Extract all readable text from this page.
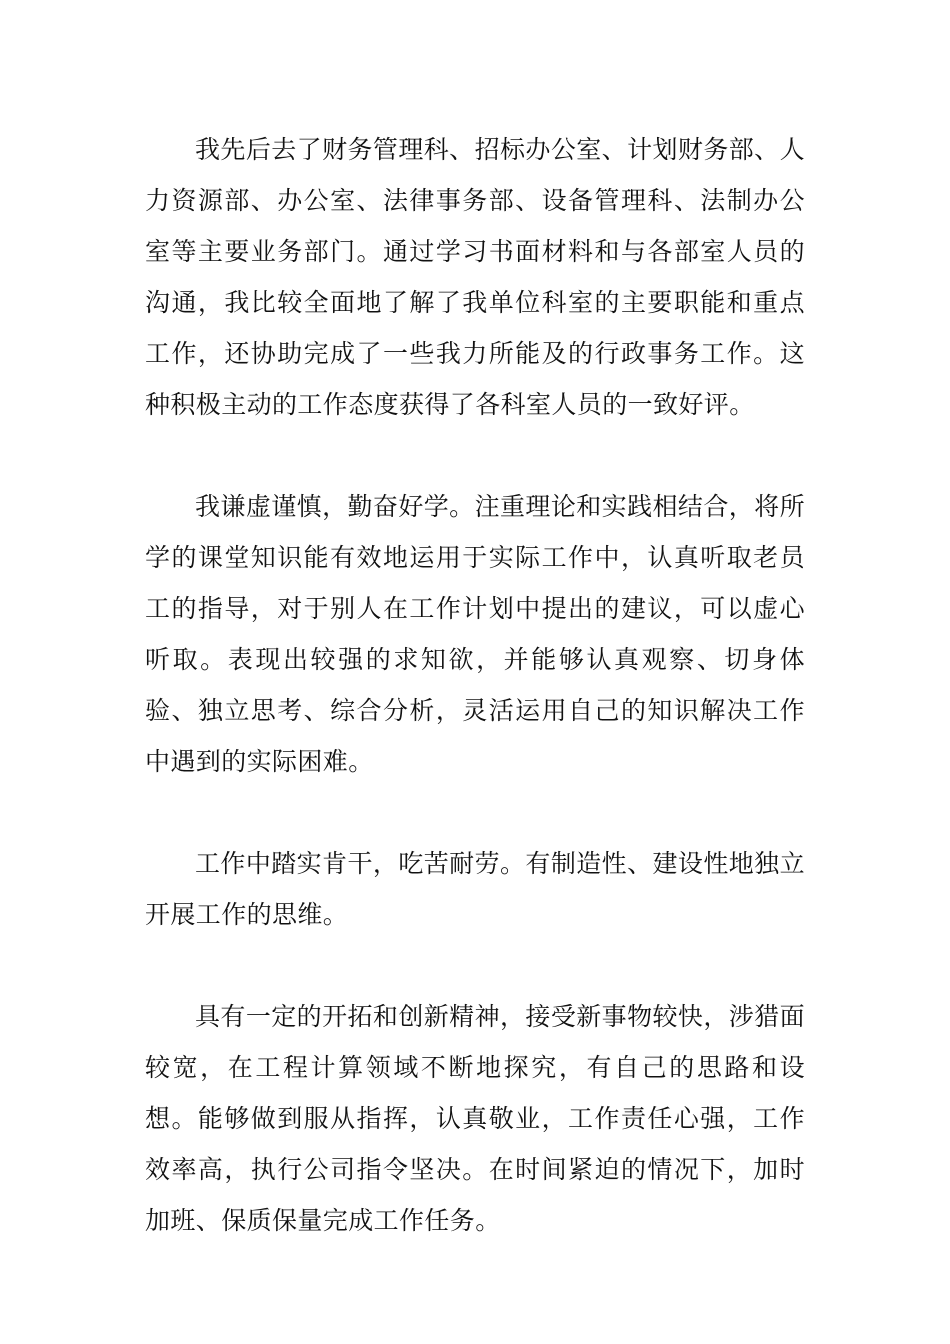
我先后去了财务管理科、招标办公室、计划财务部、人力资源部、办公室、法律事务部、设备管理科、法制办公室等主要业务部门。通过学习书面材料和与各部室人员的沟通，我比较全面地了解了我单位科室的主要职能和重点工作，还协助完成了一些我力所能及的行政事务工作。这种积极主动的工作态度获得了各科室人员的一致好评。

我谦虚谨慎，勤奋好学。注重理论和实践相结合，将所学的课堂知识能有效地运用于实际工作中，认真听取老员工的指导，对于别人在工作计划中提出的建议，可以虚心听取。表现出较强的求知欲，并能够认真观察、切身体验、独立思考、综合分析，灵活运用自己的知识解决工作中遇到的实际困难。

工作中踏实肯干，吃苦耐劳。有制造性、建设性地独立开展工作的思维。

具有一定的开拓和创新精神，接受新事物较快，涉猎面较宽，在工程计算领域不断地探究，有自己的思路和设想。能够做到服从指挥，认真敬业，工作责任心强，工作效率高，执行公司指令坚决。在时间紧迫的情况下，加时加班、保质保量完成工作任务。
